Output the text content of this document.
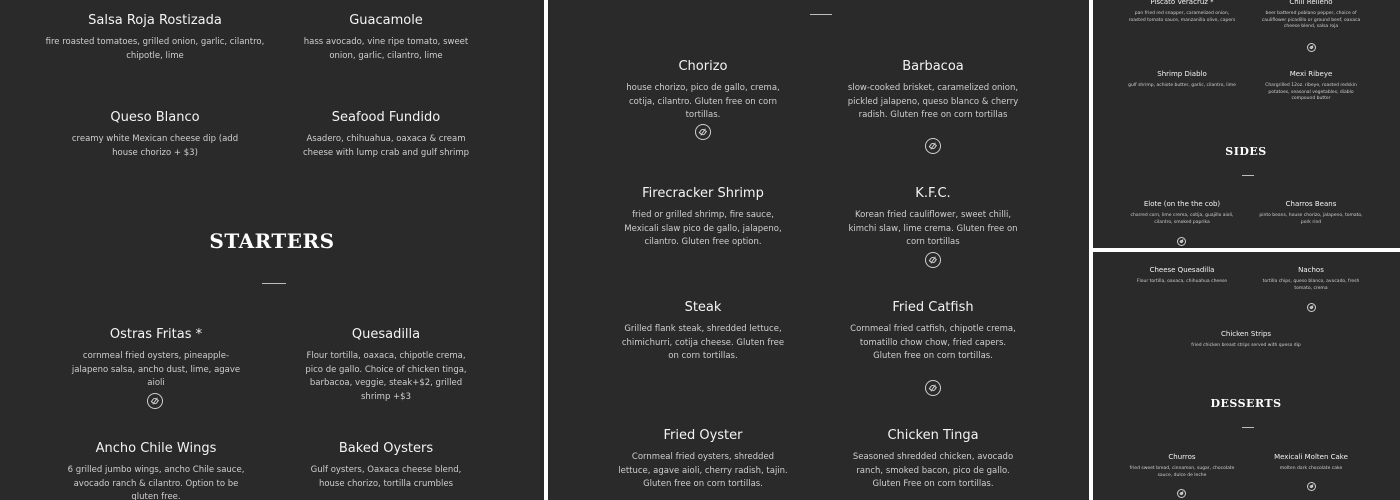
Salsa Roja Rostizada
fire roasted tomatoes, grilled onion, garlic, cilantro, chipotle, lime
Guacamole
hass avocado, vine ripe tomato, sweet onion, garlic, cilantro, lime
Queso Blanco
creamy white Mexican cheese dip (add house chorizo + $3)
Seafood Fundido
Asadero, chihuahua, oaxaca & cream cheese with lump crab and gulf shrimp
STARTERS
Ostras Fritas *
cornmeal fried oysters, pineapple-jalapeno salsa, ancho dust, lime, agave aioli
Quesadilla
Flour tortilla, oaxaca, chipotle crema, pico de gallo. Choice of chicken tinga, barbacoa, veggie, steak+$2, grilled shrimp +$3
Ancho Chile Wings
6 grilled jumbo wings, ancho Chile sauce, avocado ranch & cilantro. Option to be gluten free.
Baked Oysters
Gulf oysters, Oaxaca cheese blend, house chorizo, tortilla crumbles
Chorizo
house chorizo, pico de gallo, crema, cotija, cilantro. Gluten free on corn tortillas.
Barbacoa
slow-cooked brisket, caramelized onion, pickled jalapeno, queso blanco & cherry radish. Gluten free on corn tortillas
Firecracker Shrimp
fried or grilled shrimp, fire sauce, Mexicali slaw pico de gallo, jalapeno, cilantro. Gluten free option.
K.F.C.
Korean fried cauliflower, sweet chilli, kimchi slaw, lime crema. Gluten free on corn tortillas
Steak
Grilled flank steak, shredded lettuce, chimichurri, cotija cheese. Gluten free on corn tortillas.
Fried Catfish
Cornmeal fried catfish, chipotle crema, tomatillo chow chow, fried capers. Gluten free on corn tortillas.
Fried Oyster
Cornmeal fried oysters, shredded lettuce, agave aioli, cherry radish, tajin. Gluten free on corn tortillas.
Chicken Tinga
Seasoned shredded chicken, avocado ranch, smoked bacon, pico de gallo. Gluten Free on corn tortillas.
Piscato Veracruz *
pan fried red snapper, caramelized onion, roasted tomato sauce, manzanilla olive, capers
Chili Relleno
beer battered poblano pepper, choice of cauliflower picadillo or ground beef, oaxaca cheese blend, salsa roja
Shrimp Diablo
gulf shrimp, achiote butter, garlic, cilantro, lime
Mexi Ribeye
Chargrilled 12oz. ribeye, roasted redskin potatoes, seasonal vegetables, diablo compound butter
SIDES
Elote (on the the cob)
charred corn, lime crema, cotija, guajillo aioli, cilantro, smoked paprika
Charros Beans
pinto beans, house chorizo, jalapeno, tomato, pork rind
Cheese Quesadilla
Flour tortilla, oaxaca, chihuahua cheese
Nachos
tortilla chips, queso blanco, avocado, fresh tomato, crema
Chicken Strips
fried chicken breast strips served with queso dip
DESSERTS
Churros
fried sweet bread, cinnamon, sugar, chocolate sauce, dulce de leche
Mexicali Molten Cake
molten dark chocolate cake
